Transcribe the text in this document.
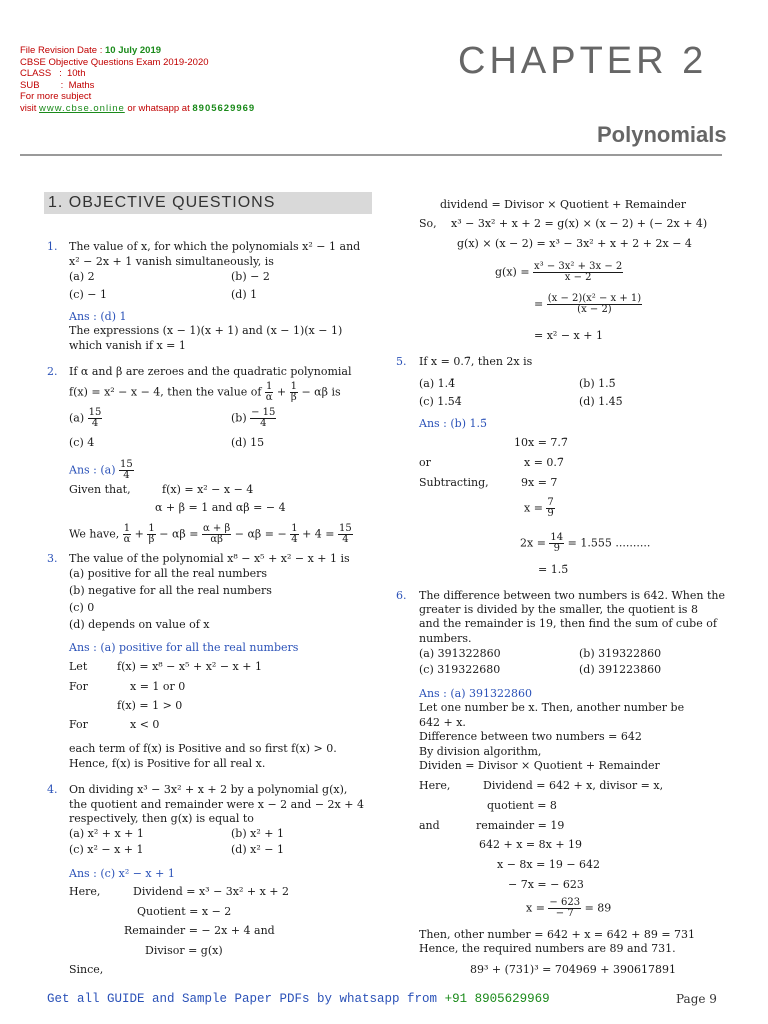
File Revision Date : 10 July 2019
CBSE Objective Questions Exam 2019-2020
CLASS   :  10th
SUB        :  Maths
For more subject
visit www.cbse.online or whatsapp at 8905629969
CHAPTER 2
Polynomials
1. OBJECTIVE QUESTIONS
1. The value of x, for which the polynomials x² − 1 and
x² − 2x + 1 vanish simultaneously, is
(a) 2	(b) − 2
(c) − 1	(d) 1
Ans : (d) 1
The expressions (x − 1)(x + 1) and (x − 1)(x − 1)
which vanish if x = 1
2. If α and β are zeroes and the quadratic polynomial
f(x) = x² − x − 4, then the value of $\frac{1}{\alpha} + \frac{1}{\beta} - \alpha\beta$ is
$(a) \frac{15}{4}$	$(b) \frac{- 15}{4}$
(c) 4	(d) 15
Ans : $(a) \frac{15}{4}$
Given that,	f(x) = x² − x − 4
α + β = 1 and αβ = − 4
We have, $\frac{1}{\alpha} + \frac{1}{\beta} - \alpha\beta = \frac{\alpha + \beta}{\alpha\beta} - \alpha\beta$ = − $\frac{1}{4} + 4 = \frac{15}{4}$
3. The value of the polynomial x⁸ − x⁵ + x² − x + 1 is
(a) positive for all the real numbers
(b) negative for all the real numbers
(c) 0
(d) depends on value of x
Ans : (a) positive for all the real numbers
Let	f(x) = x⁸ − x⁵ + x² − x + 1
For	x = 1 or 0
f(x) = 1 > 0
For	x < 0
each term of f(x) is Positive and so first f(x) > 0.
Hence, f(x) is Positive for all real x.
4. On dividing x³ − 3x² + x + 2 by a polynomial g(x),
the quotient and remainder were x − 2 and − 2x + 4
respectively, then g(x) is equal to
(a) x² + x + 1	(b) x² + 1
(c) x² − x + 1	(d) x² − 1
Ans : (c) x² − x + 1
Here,	Dividend = x³ − 3x² + x + 2
Quotient = x − 2
Remainder = − 2x + 4 and
Divisor = g(x)
Since,
dividend = Divisor × Quotient + Remainder
So, x³ − 3x² + x + 2 = g(x) × (x − 2) + (− 2x + 4)
g(x) × (x − 2) = x³ − 3x² + x + 2 + 2x − 4
$g(x) = \frac{\text{x³ − 3x² + 3x − 2}}{x - 2}$
= $\frac{\text{(x − 2)(x² − x + 1)}}{(x - 2)}$
= x² − x + 1
5. If x = 0.7̄, then 2x is
(a) 1.4̄	(b) 1.5̄
(c) 1.54̄	(d) 1.45̄
Ans : (b) 1.5̄
10x = 7.7̄
or	x = 0.7̄
Subtracting,	9x = 7
$x = \frac{7}{9}$
$2x = \frac{14}{9} = 1.555$ ..........
= 1.5̄
6. The difference between two numbers is 642. When the
greater is divided by the smaller, the quotient is 8
and the remainder is 19, then find the sum of cube of
numbers.
(a) 391322860	(b) 319322860
(c) 319322680	(d) 391223860
Ans : (a) 391322860
Let one number be x. Then, another number be
642 + x.
Difference between two numbers = 642
By division algorithm,
Dividen = Divisor × Quotient + Remainder
Here,	Dividend = 642 + x, divisor = x,
quotient = 8
and	remainder = 19
642 + x = 8x + 19
x − 8x = 19 − 642
− 7x = − 623
$x = \frac{- 623}{- 7} = 89$
Then, other number = 642 + x = 642 + 89 = 731
Hence, the required numbers are 89 and 731.
89³ + (731)³ = 704969 + 390617891
Get all GUIDE and Sample Paper PDFs by whatsapp from +91 8905629969	Page 9
